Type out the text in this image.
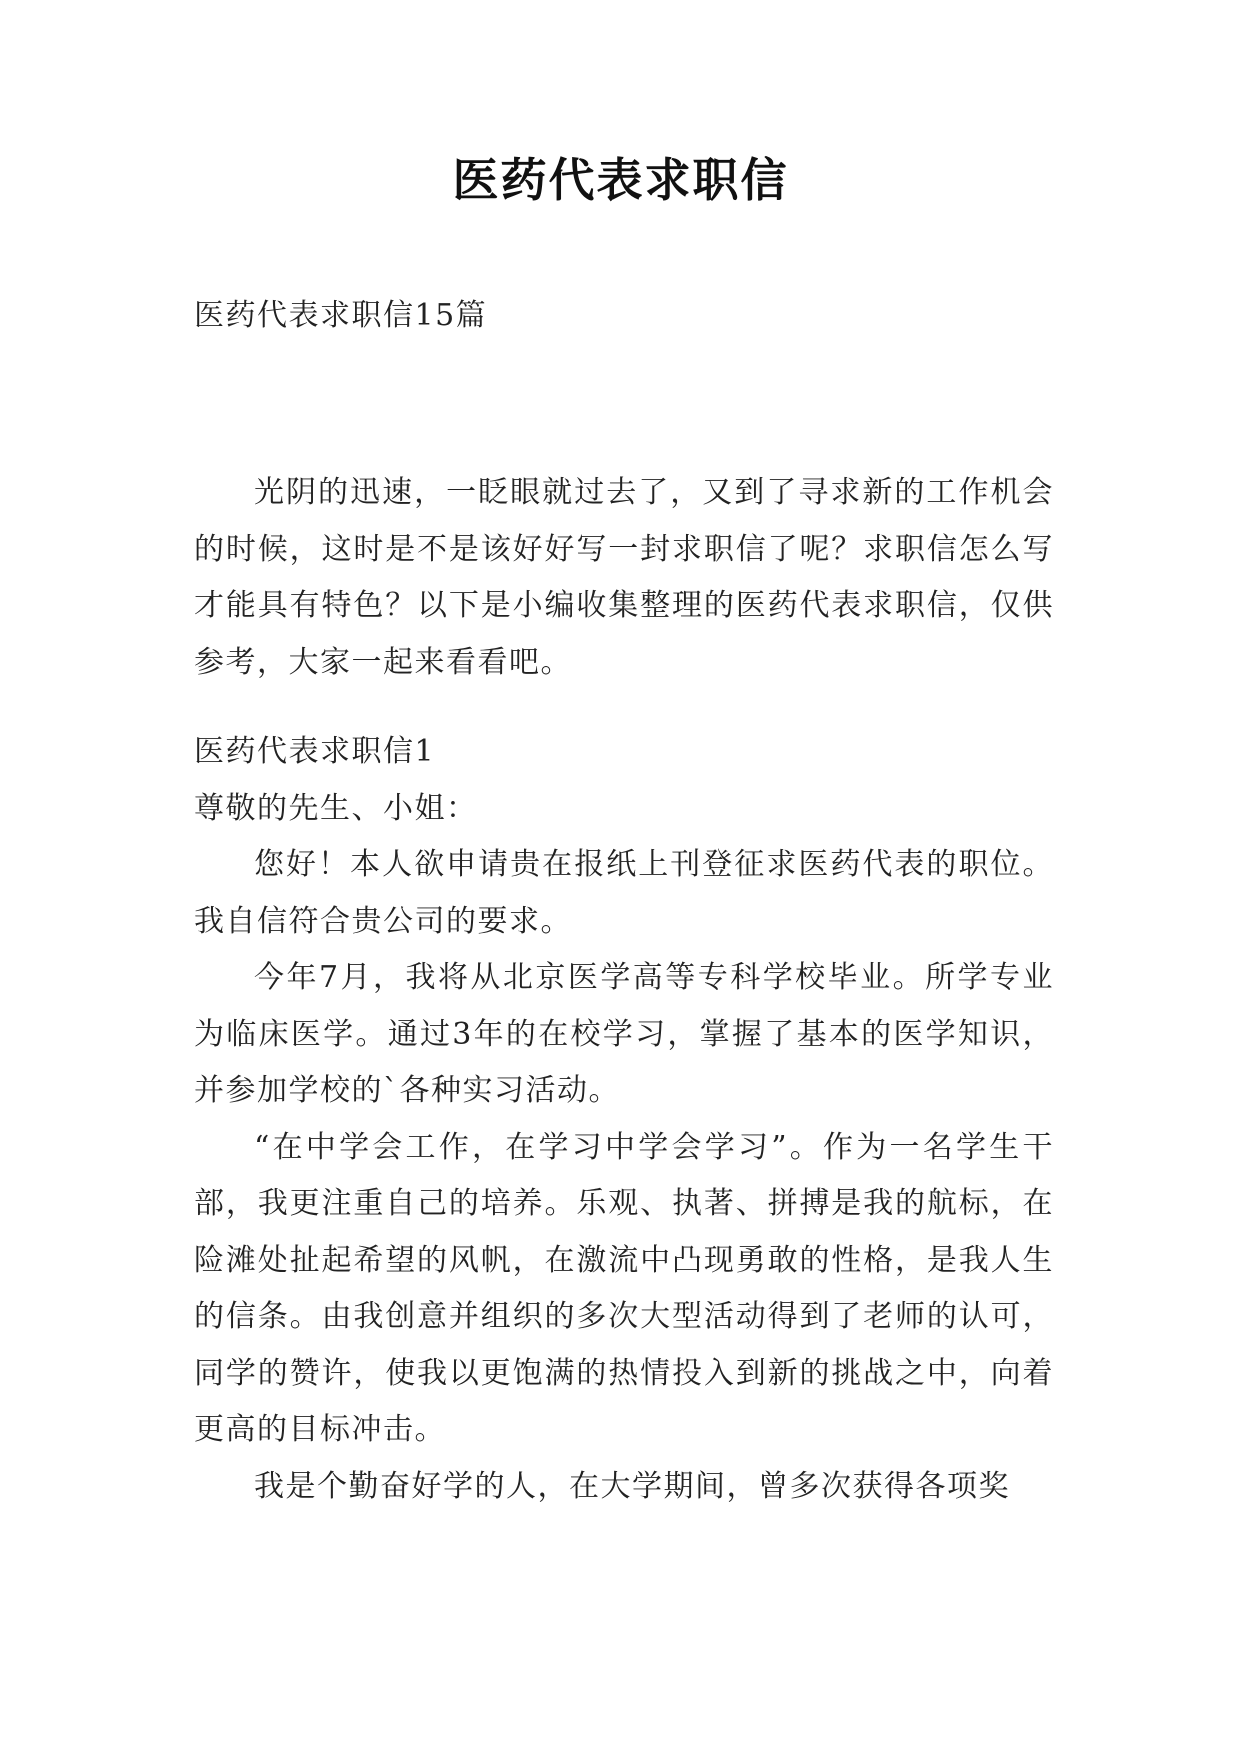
医药代表求职信

医药代表求职信15篇

光阴的迅速，一眨眼就过去了，又到了寻求新的工作机会的时候，这时是不是该好好写一封求职信了呢？求职信怎么写才能具有特色？以下是小编收集整理的医药代表求职信，仅供参考，大家一起来看看吧。

医药代表求职信1

尊敬的先生、小姐：

您好！本人欲申请贵在报纸上刊登征求医药代表的职位。我自信符合贵公司的要求。

今年7月，我将从北京医学高等专科学校毕业。所学专业为临床医学。通过3年的在校学习，掌握了基本的医学知识，并参加学校的`各种实习活动。

“在中学会工作，在学习中学会学习”。作为一名学生干部，我更注重自己的培养。乐观、执著、拼搏是我的航标，在险滩处扯起希望的风帆，在激流中凸现勇敢的性格，是我人生的信条。由我创意并组织的多次大型活动得到了老师的认可，同学的赞许，使我以更饱满的热情投入到新的挑战之中，向着更高的目标冲击。

我是个勤奋好学的人，在大学期间，曾多次获得各项奖
